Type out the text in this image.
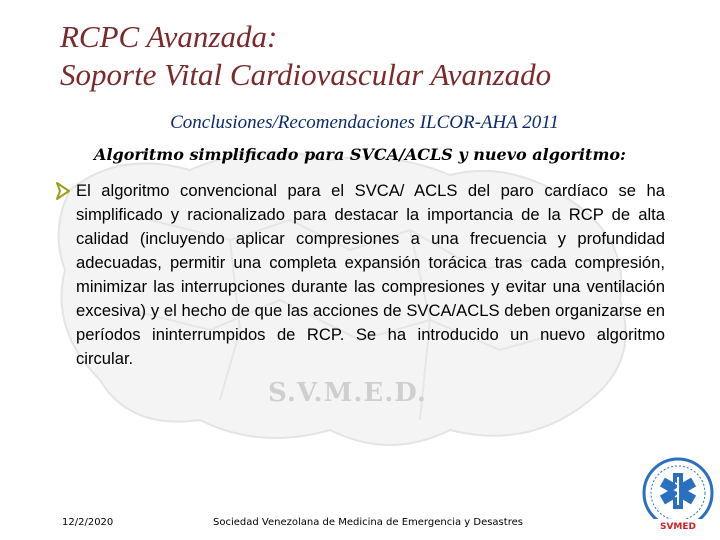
RCPC Avanzada:
Soporte Vital Cardiovascular Avanzado
Conclusiones/Recomendaciones ILCOR-AHA 2011
Algoritmo simplificado para SVCA/ACLS y nuevo algoritmo:
S.V.M.E.D.

El algoritmo convencional para el SVCA/ ACLS del paro cardíaco se ha simplificado y racionalizado para destacar la importancia de la RCP de alta calidad (incluyendo aplicar compresiones a una frecuencia y profundidad adecuadas, permitir una completa expansión torácica tras cada compresión, minimizar las interrupciones durante las compresiones y evitar una ventilación excesiva) y el hecho de que las acciones de SVCA/ACLS deben organizarse en períodos ininterrumpidos de RCP. Se ha introducido un nuevo algoritmo circular.

12/2/2020	Sociedad Venezolana de Medicina de Emergencia y Desastres	SVMED
